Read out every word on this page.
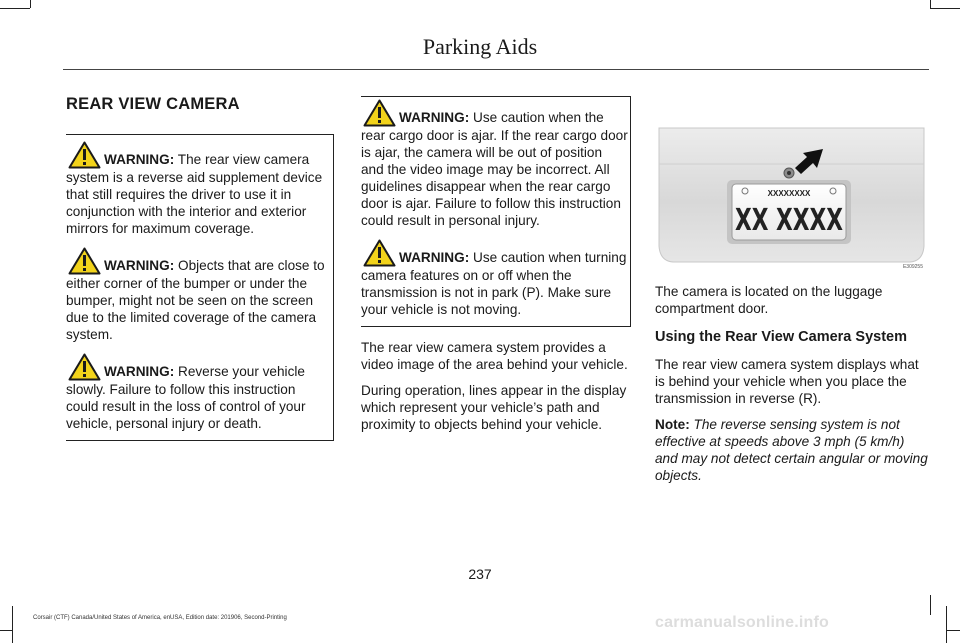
Parking Aids
REAR VIEW CAMERA
WARNING: The rear view camera system is a reverse aid supplement device that still requires the driver to use it in conjunction with the interior and exterior mirrors for maximum coverage.
WARNING: Objects that are close to either corner of the bumper or under the bumper, might not be seen on the screen due to the limited coverage of the camera system.
WARNING: Reverse your vehicle slowly. Failure to follow this instruction could result in the loss of control of your vehicle, personal injury or death.
WARNING: Use caution when the rear cargo door is ajar. If the rear cargo door is ajar, the camera will be out of position and the video image may be incorrect. All guidelines disappear when the rear cargo door is ajar. Failure to follow this instruction could result in personal injury.
WARNING: Use caution when turning camera features on or off when the transmission is not in park (P). Make sure your vehicle is not moving.

The rear view camera system provides a video image of the area behind your vehicle.

During operation, lines appear in the display which represent your vehicle’s path and proximity to objects behind your vehicle.

XXXXXXXX
XX XXXX
E309255

The camera is located on the luggage compartment door.

Using the Rear View Camera System

The rear view camera system displays what is behind your vehicle when you place the transmission in reverse (R).

Note: The reverse sensing system is not effective at speeds above 3 mph (5 km/h) and may not detect certain angular or moving objects.

237
Corsair (CTF) Canada/United States of America, enUSA, Edition date: 201906, Second-Printing	carmanualsonline.info
